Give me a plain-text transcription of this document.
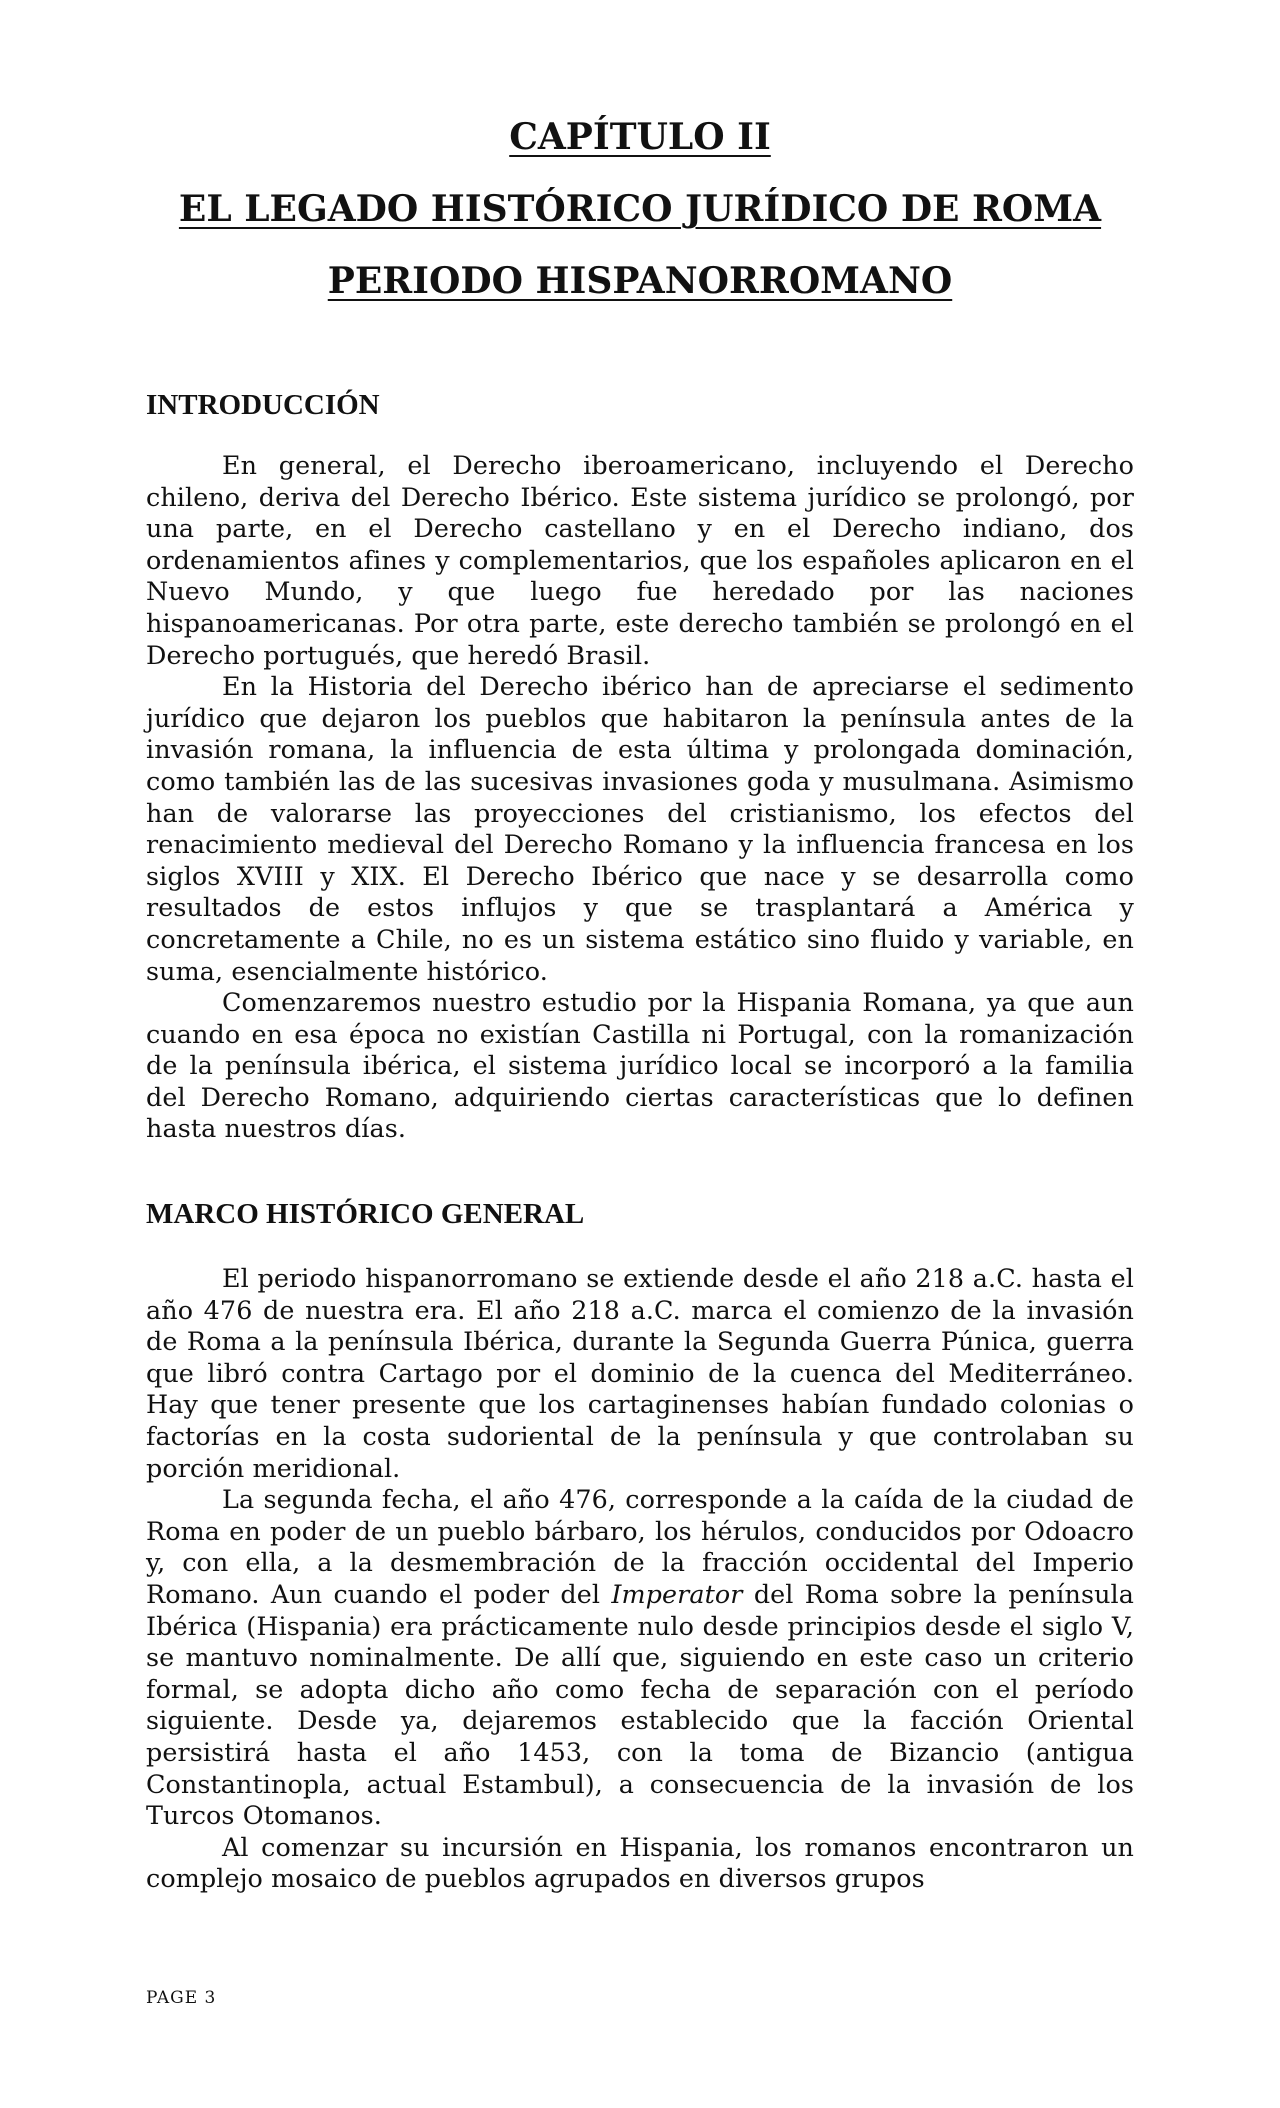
CAPÍTULO II
EL LEGADO HISTÓRICO JURÍDICO DE ROMA
PERIODO HISPANORROMANO
INTRODUCCIÓN

En general, el Derecho iberoamericano, incluyendo el Derecho chileno, deriva del Derecho Ibérico. Este sistema jurídico se prolongó, por una parte, en el Derecho castellano y en el Derecho indiano, dos ordenamientos afines y complementarios, que los españoles aplicaron en el Nuevo Mundo, y que luego fue heredado por las naciones hispanoamericanas. Por otra parte, este derecho también se prolongó en el Derecho portugués, que heredó Brasil.

En la Historia del Derecho ibérico han de apreciarse el sedimento jurídico que dejaron los pueblos que habitaron la península antes de la invasión romana, la influencia de esta última y prolongada dominación, como también las de las sucesivas invasiones goda y musulmana. Asimismo han de valorarse las proyecciones del cristianismo, los efectos del renacimiento medieval del Derecho Romano y la influencia francesa en los siglos XVIII y XIX. El Derecho Ibérico que nace y se desarrolla como resultados de estos influjos y que se trasplantará a América y concretamente a Chile, no es un sistema estático sino fluido y variable, en suma, esencialmente histórico.

Comenzaremos nuestro estudio por la Hispania Romana, ya que aun cuando en esa época no existían Castilla ni Portugal, con la romanización de la península ibérica, el sistema jurídico local se incorporó a la familia del Derecho Romano, adquiriendo ciertas características que lo definen hasta nuestros días.

MARCO HISTÓRICO GENERAL

El periodo hispanorromano se extiende desde el año 218 a.C. hasta el año 476 de nuestra era. El año 218 a.C. marca el comienzo de la invasión de Roma a la península Ibérica, durante la Segunda Guerra Púnica, guerra que libró contra Cartago por el dominio de la cuenca del Mediterráneo. Hay que tener presente que los cartaginenses habían fundado colonias o factorías en la costa sudoriental de la península y que controlaban su porción meridional.

La segunda fecha, el año 476, corresponde a la caída de la ciudad de Roma en poder de un pueblo bárbaro, los hérulos, conducidos por Odoacro y, con ella, a la desmembración de la fracción occidental del Imperio Romano. Aun cuando el poder del Imperator del Roma sobre la península Ibérica (Hispania) era prácticamente nulo desde principios desde el siglo V, se mantuvo nominalmente. De allí que, siguiendo en este caso un criterio formal, se adopta dicho año como fecha de separación con el período siguiente. Desde ya, dejaremos establecido que la facción Oriental persistirá hasta el año 1453, con la toma de Bizancio (antigua Constantinopla, actual Estambul), a consecuencia de la invasión de los Turcos Otomanos.

Al comenzar su incursión en Hispania, los romanos encontraron un complejo mosaico de pueblos agrupados en diversos grupos

PAGE 3
